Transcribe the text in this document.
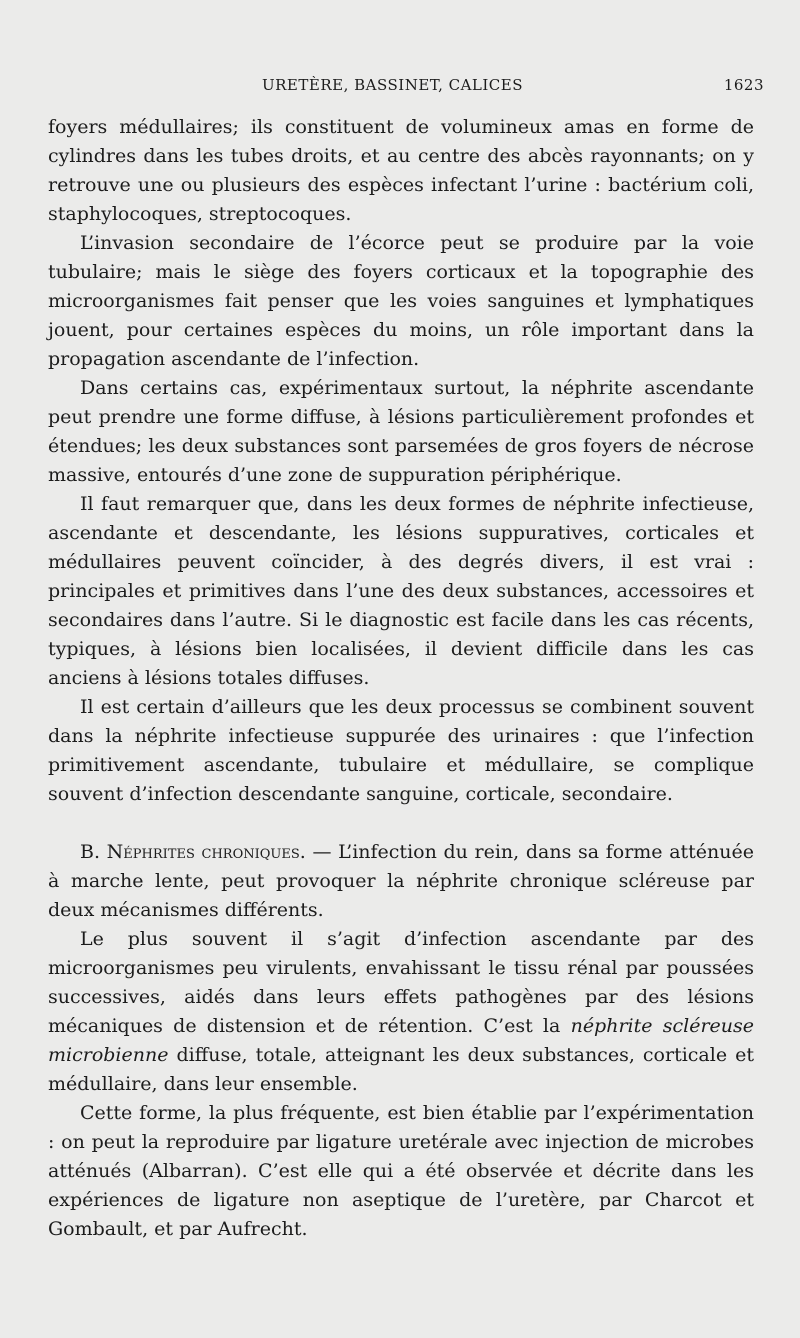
URETÈRE, BASSINET, CALICES	1623

foyers médullaires; ils constituent de volumineux amas en forme de cylindres dans les tubes droits, et au centre des abcès rayonnants; on y retrouve une ou plusieurs des espèces infectant l’urine : bactérium coli, staphylocoques, streptocoques.

L’invasion secondaire de l’écorce peut se produire par la voie tubulaire; mais le siège des foyers corticaux et la topographie des microorganismes fait penser que les voies sanguines et lymphatiques jouent, pour certaines espèces du moins, un rôle important dans la propagation ascendante de l’infection.

Dans certains cas, expérimentaux surtout, la néphrite ascendante peut prendre une forme diffuse, à lésions particulièrement profondes et étendues; les deux substances sont parsemées de gros foyers de nécrose massive, entourés d’une zone de suppuration périphérique.

Il faut remarquer que, dans les deux formes de néphrite infectieuse, ascendante et descendante, les lésions suppuratives, corticales et médullaires peuvent coïncider, à des degrés divers, il est vrai : principales et primitives dans l’une des deux substances, accessoires et secondaires dans l’autre. Si le diagnostic est facile dans les cas récents, typiques, à lésions bien localisées, il devient difficile dans les cas anciens à lésions totales diffuses.

Il est certain d’ailleurs que les deux processus se combinent souvent dans la néphrite infectieuse suppurée des urinaires : que l’infection primitivement ascendante, tubulaire et médullaire, se complique souvent d’infection descendante sanguine, corticale, secondaire.

B. Néphrites chroniques. — L’infection du rein, dans sa forme atténuée à marche lente, peut provoquer la néphrite chronique scléreuse par deux mécanismes différents.

Le plus souvent il s’agit d’infection ascendante par des microorganismes peu virulents, envahissant le tissu rénal par poussées successives, aidés dans leurs effets pathogènes par des lésions mécaniques de distension et de rétention. C’est la néphrite scléreuse microbienne diffuse, totale, atteignant les deux substances, corticale et médullaire, dans leur ensemble.

Cette forme, la plus fréquente, est bien établie par l’expérimentation : on peut la reproduire par ligature uretérale avec injection de microbes atténués (Albarran). C’est elle qui a été observée et décrite dans les expériences de ligature non aseptique de l’uretère, par Charcot et Gombault, et par Aufrecht.
